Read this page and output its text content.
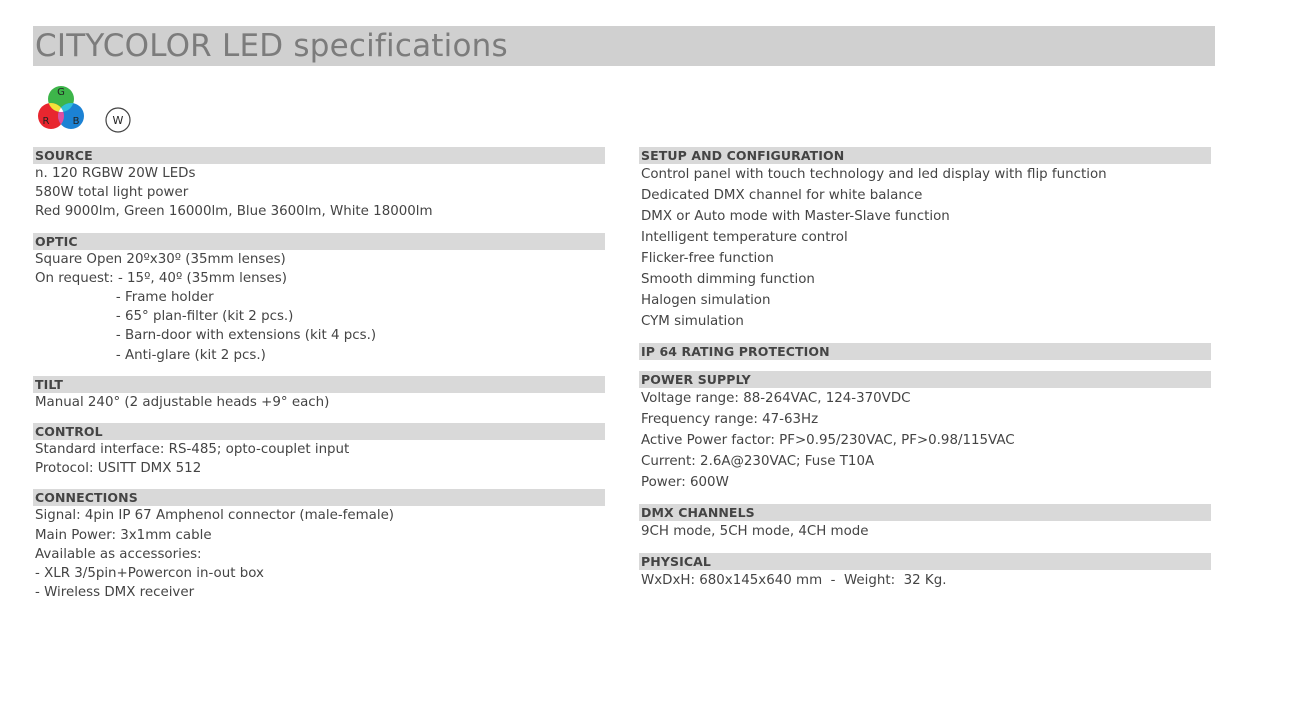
CITYCOLOR LED specifications
G
R B	W
SOURCE
n. 120 RGBW 20W LEDs
580W total light power
Red 9000lm, Green 16000lm, Blue 3600lm, White 18000lm
OPTIC
Square Open 20ºx30º (35mm lenses)
On request: - 15º, 40º (35mm lenses)
- Frame holder
- 65° plan-filter (kit 2 pcs.)
- Barn-door with extensions (kit 4 pcs.)
- Anti-glare (kit 2 pcs.)
TILT
Manual 240° (2 adjustable heads +9° each)
CONTROL
Standard interface: RS-485; opto-couplet input
Protocol: USITT DMX 512
CONNECTIONS
Signal: 4pin IP 67 Amphenol connector (male-female)
Main Power: 3x1mm cable
Available as accessories:
- XLR 3/5pin+Powercon in-out box
- Wireless DMX receiver
SETUP AND CONFIGURATION
Control panel with touch technology and led display with flip function
Dedicated DMX channel for white balance
DMX or Auto mode with Master-Slave function
Intelligent temperature control
Flicker-free function
Smooth dimming function
Halogen simulation
CYM simulation
IP 64 RATING PROTECTION
POWER SUPPLY
Voltage range: 88-264VAC, 124-370VDC
Frequency range: 47-63Hz
Active Power factor: PF>0.95/230VAC, PF>0.98/115VAC
Current: 2.6A@230VAC; Fuse T10A
Power: 600W
DMX CHANNELS
9CH mode, 5CH mode, 4CH mode
PHYSICAL
WxDxH: 680x145x640 mm  -  Weight:  32 Kg.
